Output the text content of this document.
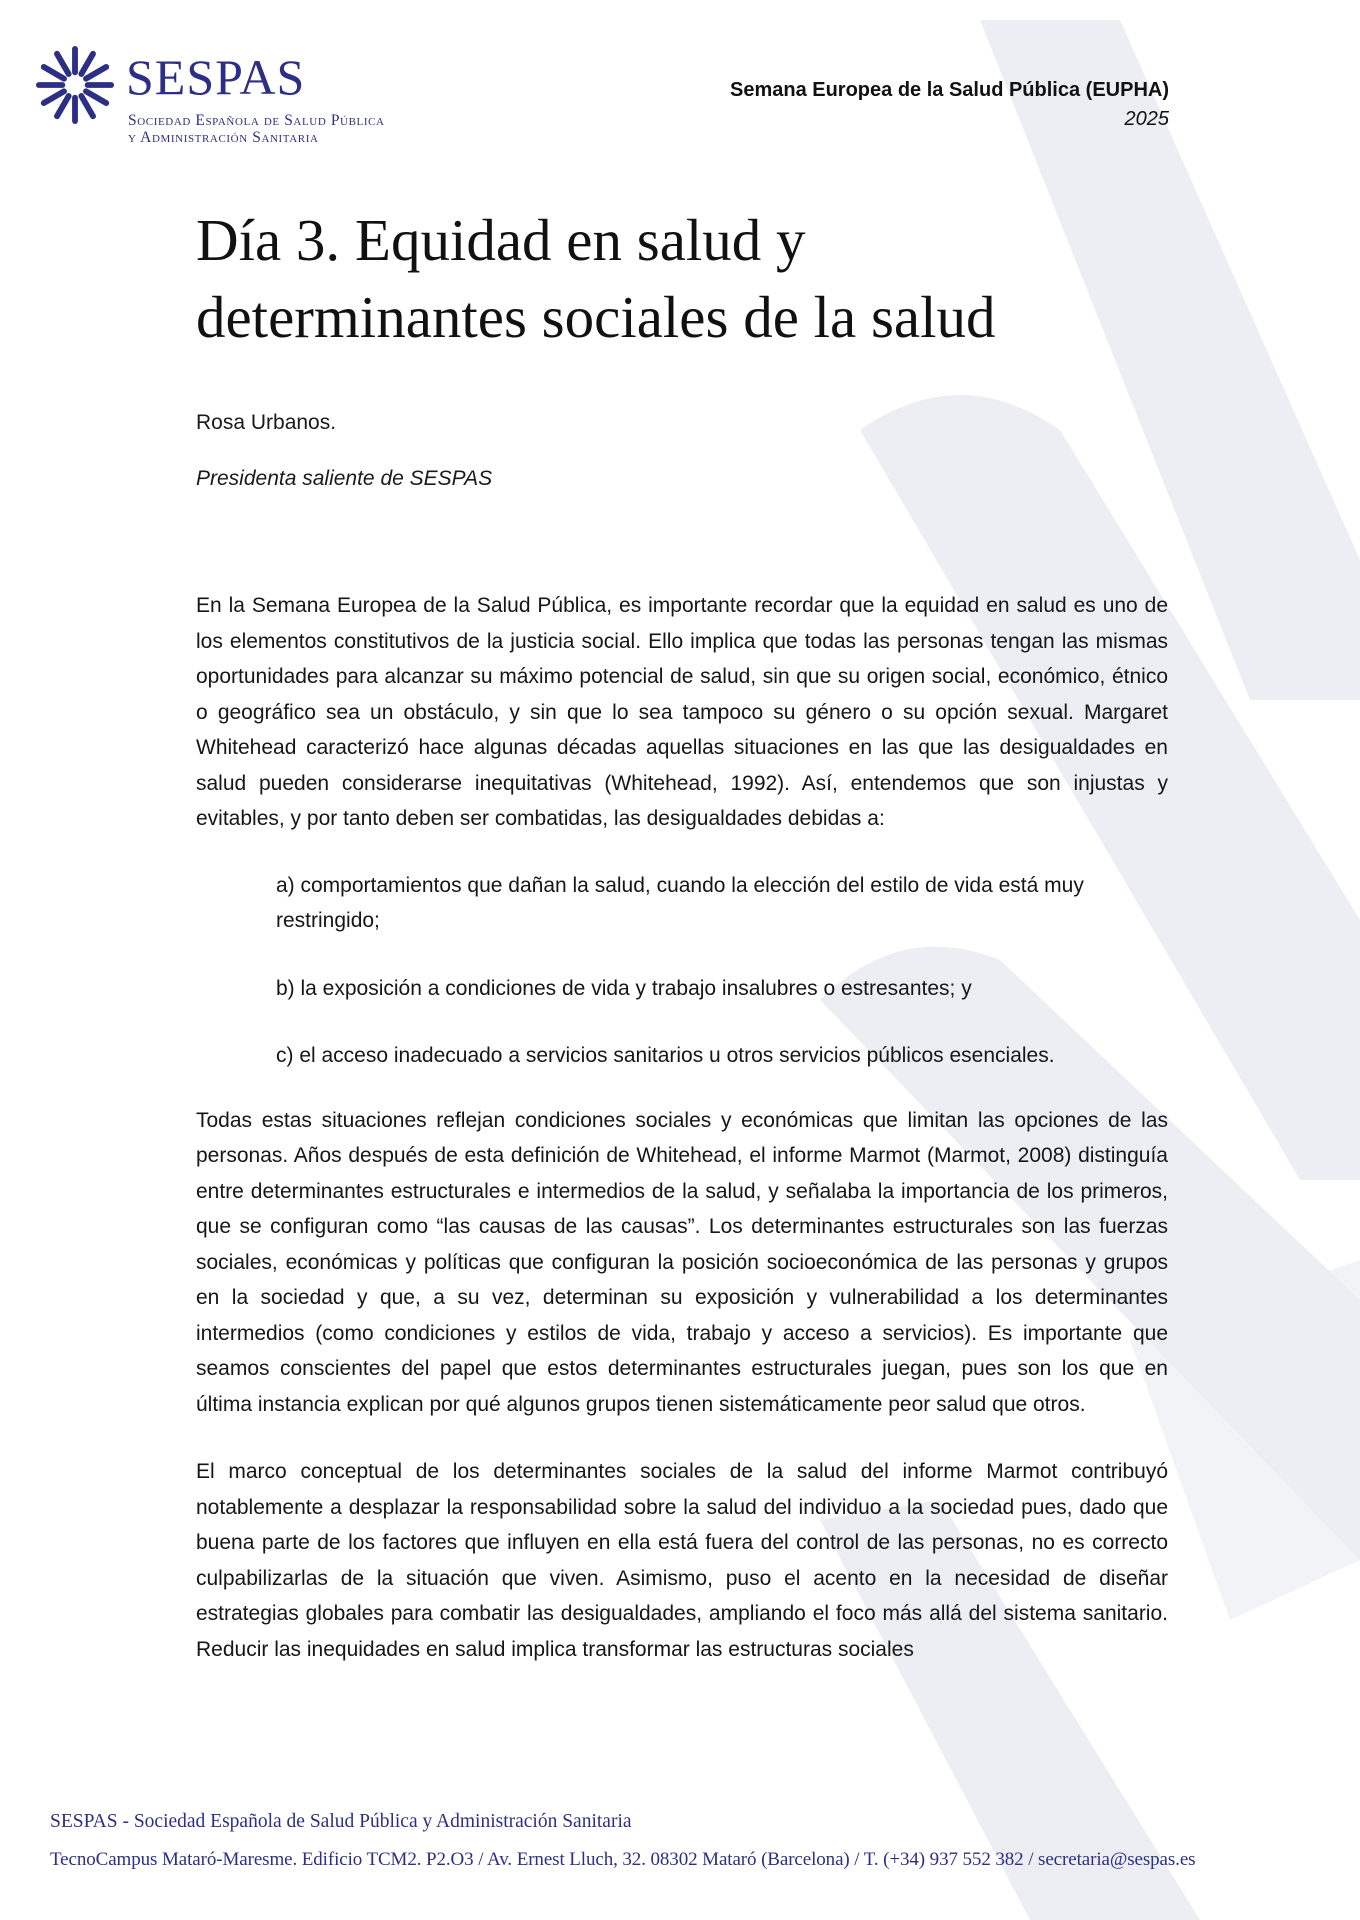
SESPAS
Sociedad Española de Salud Pública
y Administración Sanitaria
Semana Europea de la Salud Pública (EUPHA)
2025
Día 3. Equidad en salud y
determinantes sociales de la salud

Rosa Urbanos.

Presidenta saliente de SESPAS

En la Semana Europea de la Salud Pública, es importante recordar que la equidad en salud es uno de los elementos constitutivos de la justicia social. Ello implica que todas las personas tengan las mismas oportunidades para alcanzar su máximo potencial de salud, sin que su origen social, económico, étnico o geográfico sea un obstáculo, y sin que lo sea tampoco su género o su opción sexual. Margaret Whitehead caracterizó hace algunas décadas aquellas situaciones en las que las desigualdades en salud pueden considerarse inequitativas (Whitehead, 1992). Así, entendemos que son injustas y evitables, y por tanto deben ser combatidas, las desigualdades debidas a:

a) comportamientos que dañan la salud, cuando la elección del estilo de vida está muy restringido;
b) la exposición a condiciones de vida y trabajo insalubres o estresantes; y
c) el acceso inadecuado a servicios sanitarios u otros servicios públicos esenciales.

Todas estas situaciones reflejan condiciones sociales y económicas que limitan las opciones de las personas. Años después de esta definición de Whitehead, el informe Marmot (Marmot, 2008) distinguía entre determinantes estructurales e intermedios de la salud, y señalaba la importancia de los primeros, que se configuran como “las causas de las causas”. Los determinantes estructurales son las fuerzas sociales, económicas y políticas que configuran la posición socioeconómica de las personas y grupos en la sociedad y que, a su vez, determinan su exposición y vulnerabilidad a los determinantes intermedios (como condiciones y estilos de vida, trabajo y acceso a servicios). Es importante que seamos conscientes del papel que estos determinantes estructurales juegan, pues son los que en última instancia explican por qué algunos grupos tienen sistemáticamente peor salud que otros.

El marco conceptual de los determinantes sociales de la salud del informe Marmot contribuyó notablemente a desplazar la responsabilidad sobre la salud del individuo a la sociedad pues, dado que buena parte de los factores que influyen en ella está fuera del control de las personas, no es correcto culpabilizarlas de la situación que viven. Asimismo, puso el acento en la necesidad de diseñar estrategias globales para combatir las desigualdades, ampliando el foco más allá del sistema sanitario. Reducir las inequidades en salud implica transformar las estructuras sociales

SESPAS - Sociedad Española de Salud Pública y Administración Sanitaria
TecnoCampus Mataró-Maresme. Edificio TCM2. P2.O3 / Av. Ernest Lluch, 32. 08302 Mataró (Barcelona) / T. (+34) 937 552 382 / secretaria@sespas.es
